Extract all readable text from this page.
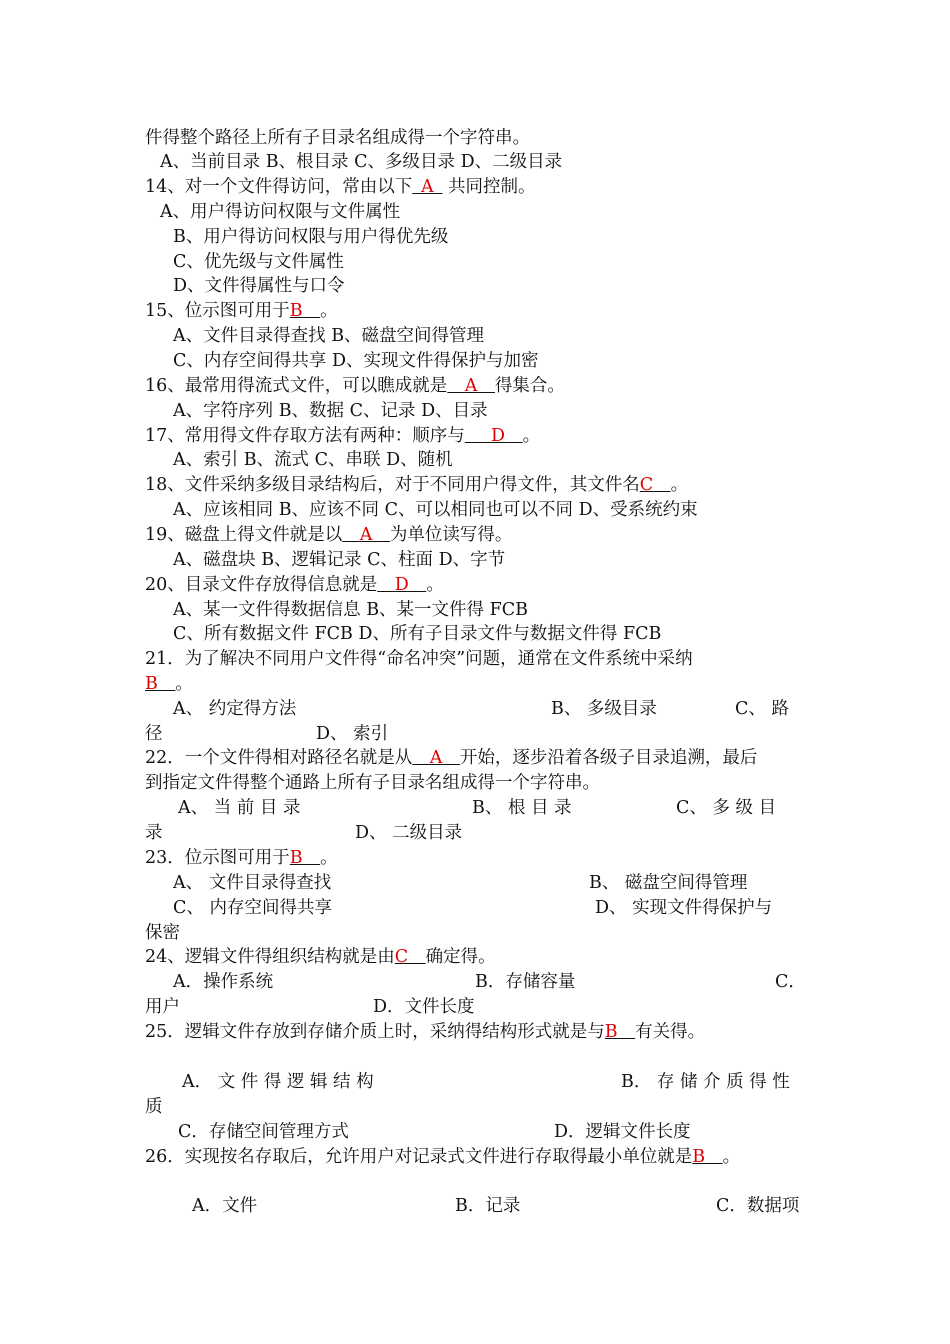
件得整个路径上所有子目录名组成得一个字符串。
A、当前目录 B、根目录 C、多级目录 D、二级目录
14、对一个文件得访问，常由以下  A  共同控制。
A、用户得访问权限与文件属性
B、用户得访问权限与用户得优先级
C、优先级与文件属性
D、文件得属性与口令
15、位示图可用于B   。
A、文件目录得查找 B、磁盘空间得管理
C、内存空间得共享 D、实现文件得保护与加密
16、最常用得流式文件，可以瞧成就是   A   得集合。
A、字符序列 B、数据 C、记录 D、目录
17、常用得文件存取方法有两种：顺序与    D   。
A、索引 B、流式 C、串联 D、随机
18、文件采纳多级目录结构后，对于不同用户得文件，其文件名C   。
A、应该相同 B、应该不同 C、可以相同也可以不同 D、受系统约束
19、磁盘上得文件就是以   A   为单位读写得。
A、磁盘块 B、逻辑记录 C、柱面 D、字节
20、目录文件存放得信息就是   D   。
A、某一文件得数据信息 B、某一文件得 FCB
C、所有数据文件 FCB D、所有子目录文件与数据文件得 FCB
21．为了解决不同用户文件得“命名冲突”问题，通常在文件系统中采纳
B   。
A、 约定得方法	B、 多级目录	C、 路
径	D、 索引
22．一个文件得相对路径名就是从   A   开始，逐步沿着各级子目录追溯，最后
到指定文件得整个通路上所有子目录名组成得一个字符串。
A、 当 前 目 录	B、 根 目 录	C、 多 级 目
录	D、 二级目录
23．位示图可用于B   。
A、 文件目录得查找	B、 磁盘空间得管理
C、 内存空间得共享	D、 实现文件得保护与
保密
24、逻辑文件得组织结构就是由C   确定得。
A．操作系统	B．存储容量	C．
用户	D．文件长度
25．逻辑文件存放到存储介质上时，采纳得结构形式就是与B   有关得。
A． 文 件 得 逻 辑 结 构	B． 存 储 介 质 得 性
质
C．存储空间管理方式	D．逻辑文件长度
26．实现按名存取后，允许用户对记录式文件进行存取得最小单位就是B   。
A．文件	B．记录	C．数据项
